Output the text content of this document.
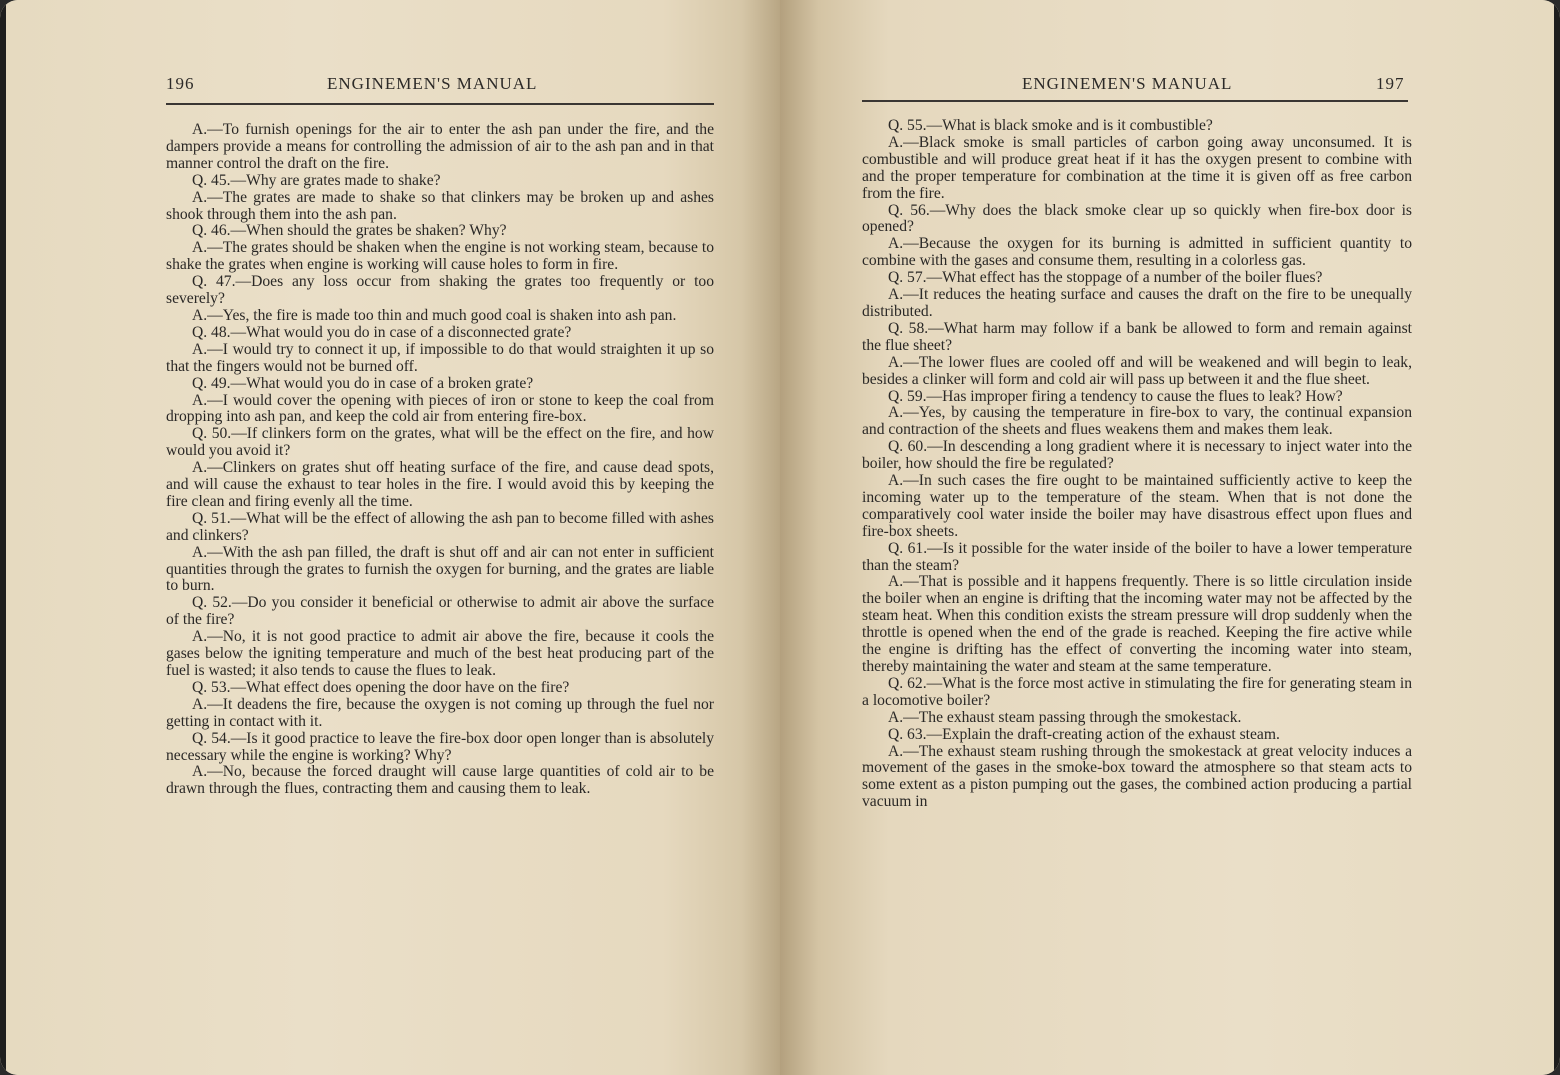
196	ENGINEMEN'S MANUAL

A.—To furnish openings for the air to enter the ash pan under the fire, and the dampers provide a means for controlling the admission of air to the ash pan and in that manner control the draft on the fire.

Q. 45.—Why are grates made to shake?

A.—The grates are made to shake so that clinkers may be broken up and ashes shook through them into the ash pan.

Q. 46.—When should the grates be shaken? Why?

A.—The grates should be shaken when the engine is not working steam, because to shake the grates when engine is working will cause holes to form in fire.

Q. 47.—Does any loss occur from shaking the grates too frequently or too severely?

A.—Yes, the fire is made too thin and much good coal is shaken into ash pan.

Q. 48.—What would you do in case of a disconnected grate?

A.—I would try to connect it up, if impossible to do that would straighten it up so that the fingers would not be burned off.

Q. 49.—What would you do in case of a broken grate?

A.—I would cover the opening with pieces of iron or stone to keep the coal from dropping into ash pan, and keep the cold air from entering fire-box.

Q. 50.—If clinkers form on the grates, what will be the effect on the fire, and how would you avoid it?

A.—Clinkers on grates shut off heating surface of the fire, and cause dead spots, and will cause the exhaust to tear holes in the fire. I would avoid this by keeping the fire clean and firing evenly all the time.

Q. 51.—What will be the effect of allowing the ash pan to become filled with ashes and clinkers?

A.—With the ash pan filled, the draft is shut off and air can not enter in sufficient quantities through the grates to furnish the oxygen for burning, and the grates are liable to burn.

Q. 52.—Do you consider it beneficial or otherwise to admit air above the surface of the fire?

A.—No, it is not good practice to admit air above the fire, because it cools the gases below the igniting temperature and much of the best heat producing part of the fuel is wasted; it also tends to cause the flues to leak.

Q. 53.—What effect does opening the door have on the fire?

A.—It deadens the fire, because the oxygen is not coming up through the fuel nor getting in contact with it.

Q. 54.—Is it good practice to leave the fire-box door open longer than is absolutely necessary while the engine is working? Why?

A.—No, because the forced draught will cause large quantities of cold air to be drawn through the flues, contracting them and causing them to leak.

ENGINEMEN'S MANUAL	197

Q. 55.—What is black smoke and is it combustible?

A.—Black smoke is small particles of carbon going away unconsumed. It is combustible and will produce great heat if it has the oxygen present to combine with and the proper temperature for combination at the time it is given off as free carbon from the fire.

Q. 56.—Why does the black smoke clear up so quickly when fire-box door is opened?

A.—Because the oxygen for its burning is admitted in sufficient quantity to combine with the gases and consume them, resulting in a colorless gas.

Q. 57.—What effect has the stoppage of a number of the boiler flues?

A.—It reduces the heating surface and causes the draft on the fire to be unequally distributed.

Q. 58.—What harm may follow if a bank be allowed to form and remain against the flue sheet?

A.—The lower flues are cooled off and will be weakened and will begin to leak, besides a clinker will form and cold air will pass up between it and the flue sheet.

Q. 59.—Has improper firing a tendency to cause the flues to leak? How?

A.—Yes, by causing the temperature in fire-box to vary, the continual expansion and contraction of the sheets and flues weakens them and makes them leak.

Q. 60.—In descending a long gradient where it is necessary to inject water into the boiler, how should the fire be regulated?

A.—In such cases the fire ought to be maintained sufficiently active to keep the incoming water up to the temperature of the steam. When that is not done the comparatively cool water inside the boiler may have disastrous effect upon flues and fire-box sheets.

Q. 61.—Is it possible for the water inside of the boiler to have a lower temperature than the steam?

A.—That is possible and it happens frequently. There is so little circulation inside the boiler when an engine is drifting that the incoming water may not be affected by the steam heat. When this condition exists the stream pressure will drop suddenly when the throttle is opened when the end of the grade is reached. Keeping the fire active while the engine is drifting has the effect of converting the incoming water into steam, thereby maintaining the water and steam at the same temperature.

Q. 62.—What is the force most active in stimulating the fire for generating steam in a locomotive boiler?

A.—The exhaust steam passing through the smokestack.

Q. 63.—Explain the draft-creating action of the exhaust steam.

A.—The exhaust steam rushing through the smokestack at great velocity induces a movement of the gases in the smoke-box toward the atmosphere so that steam acts to some extent as a piston pumping out the gases, the combined action producing a partial vacuum in
